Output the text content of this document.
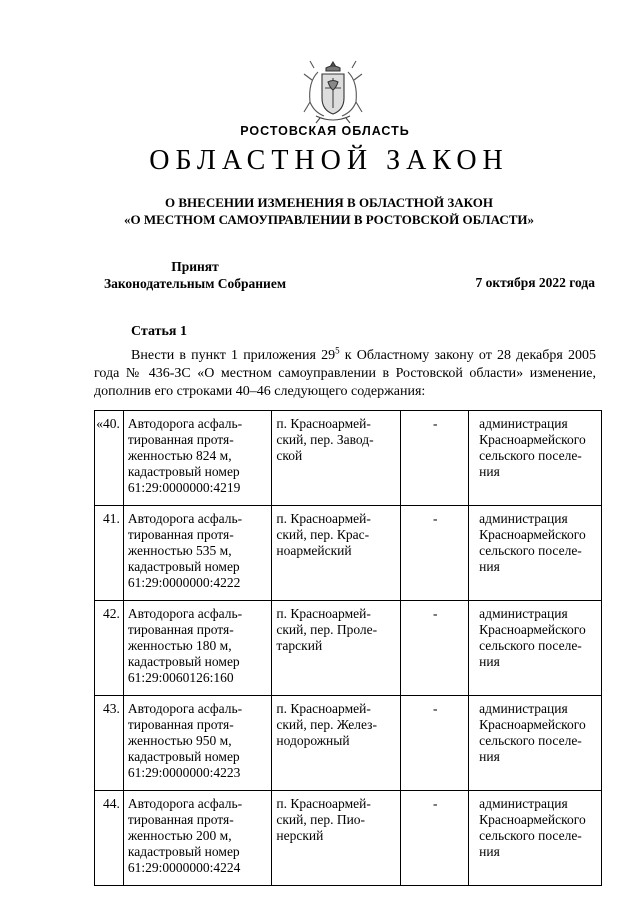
РОСТОВСКАЯ ОБЛАСТЬ
ОБЛАСТНОЙ ЗАКОН
О ВНЕСЕНИИ ИЗМЕНЕНИЯ В ОБЛАСТНОЙ ЗАКОН
«О МЕСТНОМ САМОУПРАВЛЕНИИ В РОСТОВСКОЙ ОБЛАСТИ»
Принят
Законодательным Собранием	7 октября 2022 года
Статья 1

Внести в пункт 1 приложения $29^5$ к Областному закону от 28 декабря 2005 года № 436-ЗС «О местном самоуправлении в Ростовской области» изменение, дополнив его строками 40–46 следующего содержания:

«40.	Автодорога асфаль-
тированная протя-
женностью 824 м,
кадастровый номер
61:29:0000000:4219	п. Красноармей-
ский, пер. Завод-
ской	-	администрация
Красноармейского
сельского поселе-
ния

41.	Автодорога асфаль-
тированная протя-
женностью 535 м,
кадастровый номер
61:29:0000000:4222	п. Красноармей-
ский, пер. Крас-
ноармейский	-	администрация
Красноармейского
сельского поселе-
ния

42.	Автодорога асфаль-
тированная протя-
женностью 180 м,
кадастровый номер
61:29:0060126:160	п. Красноармей-
ский, пер. Проле-
тарский	-	администрация
Красноармейского
сельского поселе-
ния

43.	Автодорога асфаль-
тированная протя-
женностью 950 м,
кадастровый номер
61:29:0000000:4223	п. Красноармей-
ский, пер. Желез-
нодорожный	-	администрация
Красноармейского
сельского поселе-
ния

44.	Автодорога асфаль-
тированная протя-
женностью 200 м,
кадастровый номер
61:29:0000000:4224	п. Красноармей-
ский, пер. Пио-
нерский	-	администрация
Красноармейского
сельского поселе-
ния
